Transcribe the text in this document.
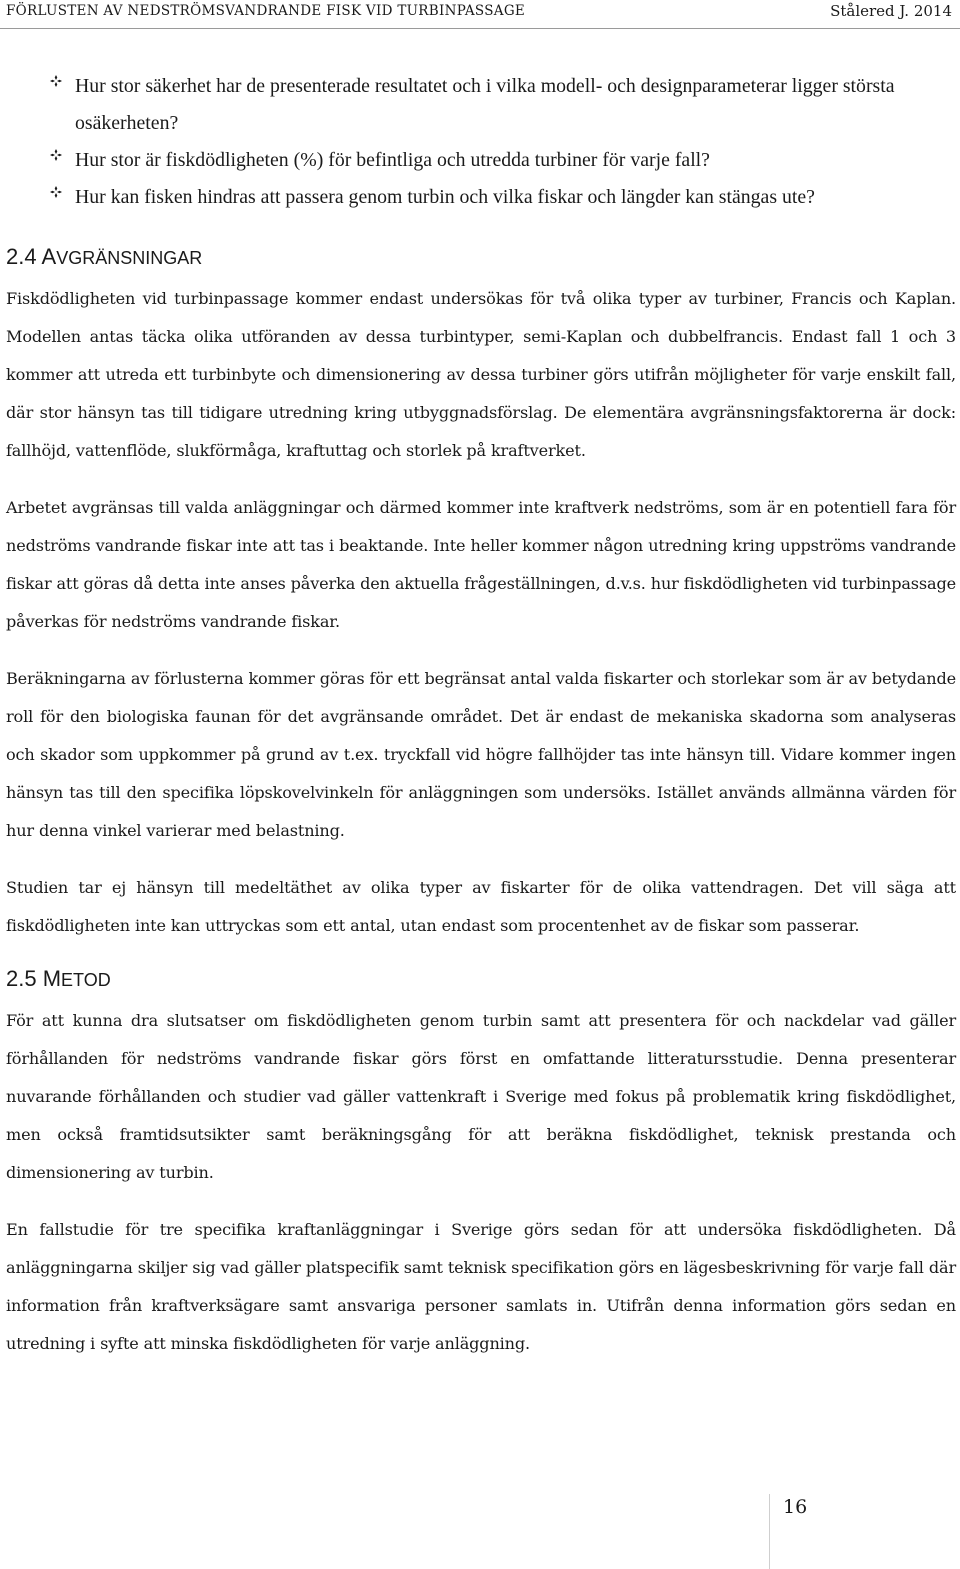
FÖRLUSTEN AV NEDSTRÖMSVANDRANDE FISK VID TURBINPASSAGE	Stålered J. 2014
Hur stor säkerhet har de presenterade resultatet och i vilka modell- och designparameterar ligger största osäkerheten?
Hur stor är fiskdödligheten (%) för befintliga och utredda turbiner för varje fall?
Hur kan fisken hindras att passera genom turbin och vilka fiskar och längder kan stängas ute?
2.4 AVGRÄNSNINGAR

Fiskdödligheten vid turbinpassage kommer endast undersökas för två olika typer av turbiner, Francis och Kaplan. Modellen antas täcka olika utföranden av dessa turbintyper, semi-Kaplan och dubbelfrancis. Endast fall 1 och 3 kommer att utreda ett turbinbyte och dimensionering av dessa turbiner görs utifrån möjligheter för varje enskilt fall, där stor hänsyn tas till tidigare utredning kring utbyggnadsförslag. De elementära avgränsningsfaktorerna är dock: fallhöjd, vattenflöde, slukförmåga, kraftuttag och storlek på kraftverket.

Arbetet avgränsas till valda anläggningar och därmed kommer inte kraftverk nedströms, som är en potentiell fara för nedströms vandrande fiskar inte att tas i beaktande. Inte heller kommer någon utredning kring uppströms vandrande fiskar att göras då detta inte anses påverka den aktuella frågeställningen, d.v.s. hur fiskdödligheten vid turbinpassage påverkas för nedströms vandrande fiskar.

Beräkningarna av förlusterna kommer göras för ett begränsat antal valda fiskarter och storlekar som är av betydande roll för den biologiska faunan för det avgränsande området. Det är endast de mekaniska skadorna som analyseras och skador som uppkommer på grund av t.ex. tryckfall vid högre fallhöjder tas inte hänsyn till. Vidare kommer ingen hänsyn tas till den specifika löpskovelvinkeln för anläggningen som undersöks. Istället används allmänna värden för hur denna vinkel varierar med belastning.

Studien tar ej hänsyn till medeltäthet av olika typer av fiskarter för de olika vattendragen. Det vill säga att fiskdödligheten inte kan uttryckas som ett antal, utan endast som procentenhet av de fiskar som passerar.

2.5 METOD

För att kunna dra slutsatser om fiskdödligheten genom turbin samt att presentera för och nackdelar vad gäller förhållanden för nedströms vandrande fiskar görs först en omfattande litteratursstudie. Denna presenterar nuvarande förhållanden och studier vad gäller vattenkraft i Sverige med fokus på problematik kring fiskdödlighet, men också framtidsutsikter samt beräkningsgång för att beräkna fiskdödlighet, teknisk prestanda och dimensionering av turbin.

En fallstudie för tre specifika kraftanläggningar i Sverige görs sedan för att undersöka fiskdödligheten. Då anläggningarna skiljer sig vad gäller platspecifik samt teknisk specifikation görs en lägesbeskrivning för varje fall där information från kraftverksägare samt ansvariga personer samlats in. Utifrån denna information görs sedan en utredning i syfte att minska fiskdödligheten för varje anläggning.

16
